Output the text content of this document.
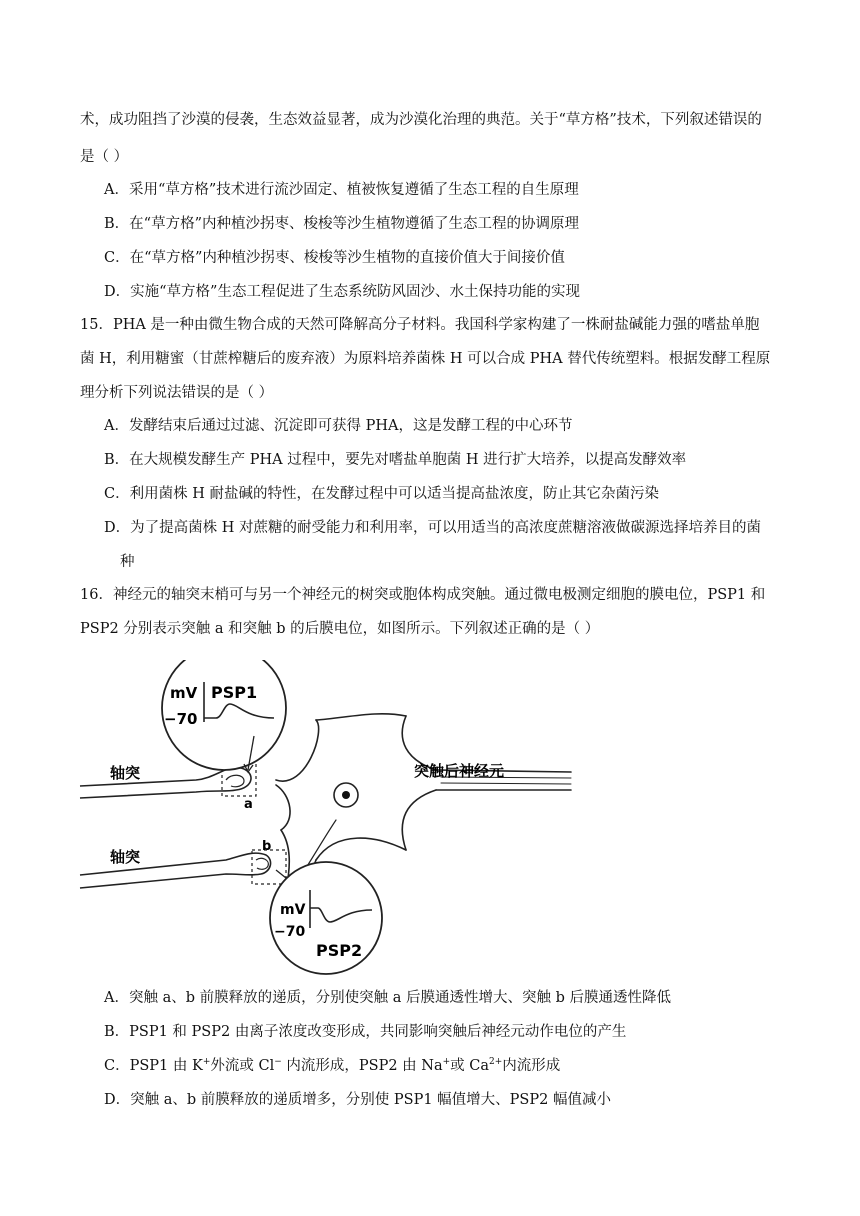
术，成功阻挡了沙漠的侵袭，生态效益显著，成为沙漠化治理的典范。关于“草方格”技术，下列叙述错误的
是（ ）
A．采用“草方格”技术进行流沙固定、植被恢复遵循了生态工程的自生原理
B．在“草方格”内种植沙拐枣、梭梭等沙生植物遵循了生态工程的协调原理
C．在“草方格”内种植沙拐枣、梭梭等沙生植物的直接价值大于间接价值
D．实施“草方格”生态工程促进了生态系统防风固沙、水土保持功能的实现
15．PHA 是一种由微生物合成的天然可降解高分子材料。我国科学家构建了一株耐盐碱能力强的嗜盐单胞
菌 H，利用糖蜜（甘蔗榨糖后的废弃液）为原料培养菌株 H 可以合成 PHA 替代传统塑料。根据发酵工程原
理分析下列说法错误的是（ ）
A．发酵结束后通过过滤、沉淀即可获得 PHA，这是发酵工程的中心环节
B．在大规模发酵生产 PHA 过程中，要先对嗜盐单胞菌 H 进行扩大培养，以提高发酵效率
C．利用菌株 H 耐盐碱的特性，在发酵过程中可以适当提高盐浓度，防止其它杂菌污染
D．为了提高菌株 H 对蔗糖的耐受能力和利用率，可以用适当的高浓度蔗糖溶液做碳源选择培养目的菌
种
16．神经元的轴突末梢可与另一个神经元的树突或胞体构成突触。通过微电极测定细胞的膜电位，PSP1 和
PSP2 分别表示突触 a 和突触 b 的后膜电位，如图所示。下列叙述正确的是（ ）
mV
−70
PSP1
mV
−70
PSP2
轴突
轴突
a
b
突触后神经元
A．突触 a、b 前膜释放的递质，分别使突触 a 后膜通透性增大、突触 b 后膜通透性降低
B．PSP1 和 PSP2 由离子浓度改变形成，共同影响突触后神经元动作电位的产生
C．PSP1 由 K+外流或 Cl− 内流形成，PSP2 由 Na+或 $Ca^{2+}$内流形成
D．突触 a、b 前膜释放的递质增多，分别使 PSP1 幅值增大、PSP2 幅值减小
